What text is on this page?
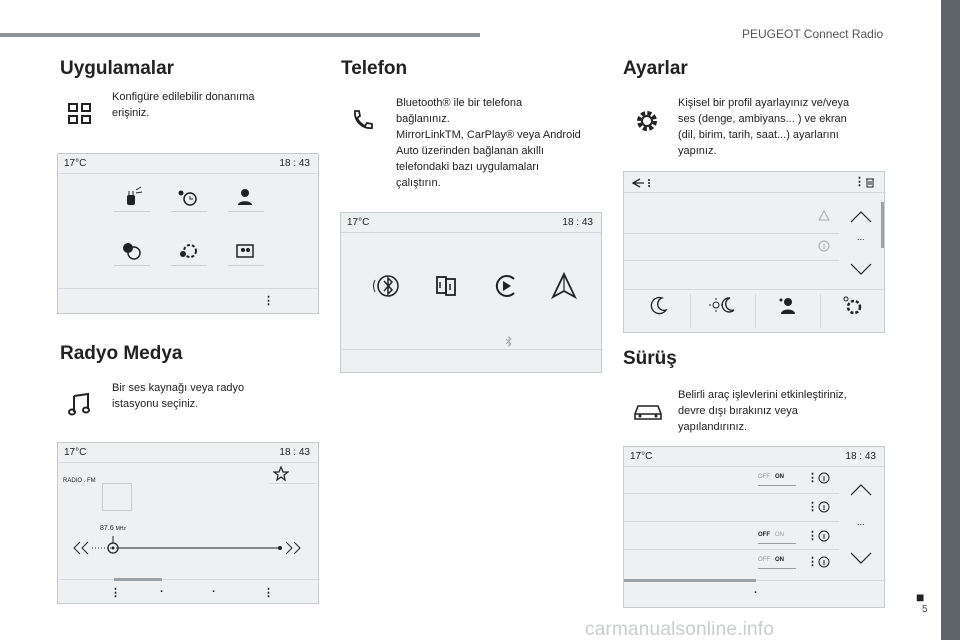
PEUGEOT Connect Radio
■
5
carmanualsonline.info
Uygulamalar
Konfigüre edilebilir donanıma
erişiniz.
17°C	18 : 43
⋮
Radyo Medya
Bir ses kaynağı veya radyo
istasyonu seçiniz.
17°C	18 : 43
RADIO . FM
87.6 MHz
⋮	·	·	⋮
Telefon
Bluetooth® ile bir telefona
bağlanınız.
MirrorLinkTM, CarPlay® veya Android
Auto üzerinden bağlanan akıllı
telefondaki bazı uygulamaları
çalıştırın.
17°C	18 : 43
Ayarlar
Kişisel bir profil ayarlayınız ve/veya
ses (denge, ambiyans... ) ve ekran
(dil, birim, tarih, saat...) ayarlarını
yapınız.
⋮
...
Sürüş
Belirli araç işlevlerini etkinleştiriniz,
devre dışı bırakınız veya
yapılandırınız.
17°C	18 : 43
OFF ON
OFF ON
OFF ON
⋮
⋮
⋮
⋮
...
·
